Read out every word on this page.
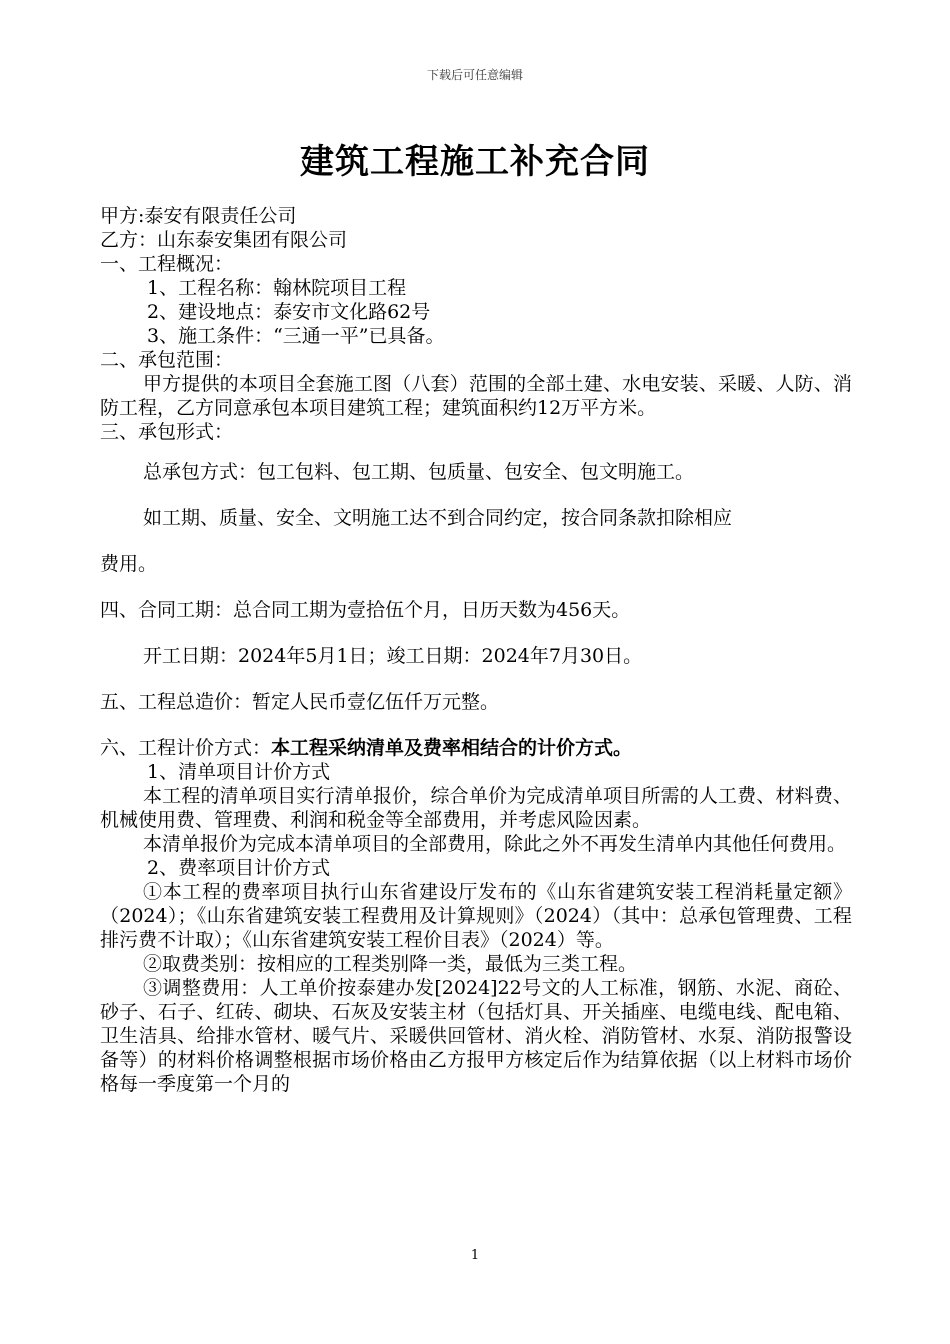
下载后可任意编辑
建筑工程施工补充合同
甲方:泰安有限责任公司
乙方：山东泰安集团有限公司
一、工程概况：
1、工程名称：翰林院项目工程
2、建设地点：泰安市文化路62号
3、施工条件：“三通一平”已具备。
二、承包范围：
甲方提供的本项目全套施工图（八套）范围的全部土建、水电安装、采暖、人防、消防工程，乙方同意承包本项目建筑工程；建筑面积约12万平方米。
三、承包形式：
总承包方式：包工包料、包工期、包质量、包安全、包文明施工。
如工期、质量、安全、文明施工达不到合同约定，按合同条款扣除相应
费用。
四、合同工期：总合同工期为壹拾伍个月，日历天数为456天。
开工日期：2024年5月1日；竣工日期：2024年7月30日。
五、工程总造价：暂定人民币壹亿伍仟万元整。
六、工程计价方式：本工程采纳清单及费率相结合的计价方式。
1、清单项目计价方式
本工程的清单项目实行清单报价，综合单价为完成清单项目所需的人工费、材料费、机械使用费、管理费、利润和税金等全部费用，并考虑风险因素。
本清单报价为完成本清单项目的全部费用，除此之外不再发生清单内其他任何费用。
2、费率项目计价方式
①本工程的费率项目执行山东省建设厅发布的《山东省建筑安装工程消耗量定额》（2024）；《山东省建筑安装工程费用及计算规则》（2024）（其中：总承包管理费、工程排污费不计取）；《山东省建筑安装工程价目表》（2024）等。
②取费类别：按相应的工程类别降一类，最低为三类工程。
③调整费用：人工单价按泰建办发[2024]22号文的人工标准，钢筋、水泥、商砼、砂子、石子、红砖、砌块、石灰及安装主材（包括灯具、开关插座、电缆电线、配电箱、卫生洁具、给排水管材、暖气片、采暖供回管材、消火栓、消防管材、水泵、消防报警设备等）的材料价格调整根据市场价格由乙方报甲方核定后作为结算依据（以上材料市场价格每一季度第一个月的
1
